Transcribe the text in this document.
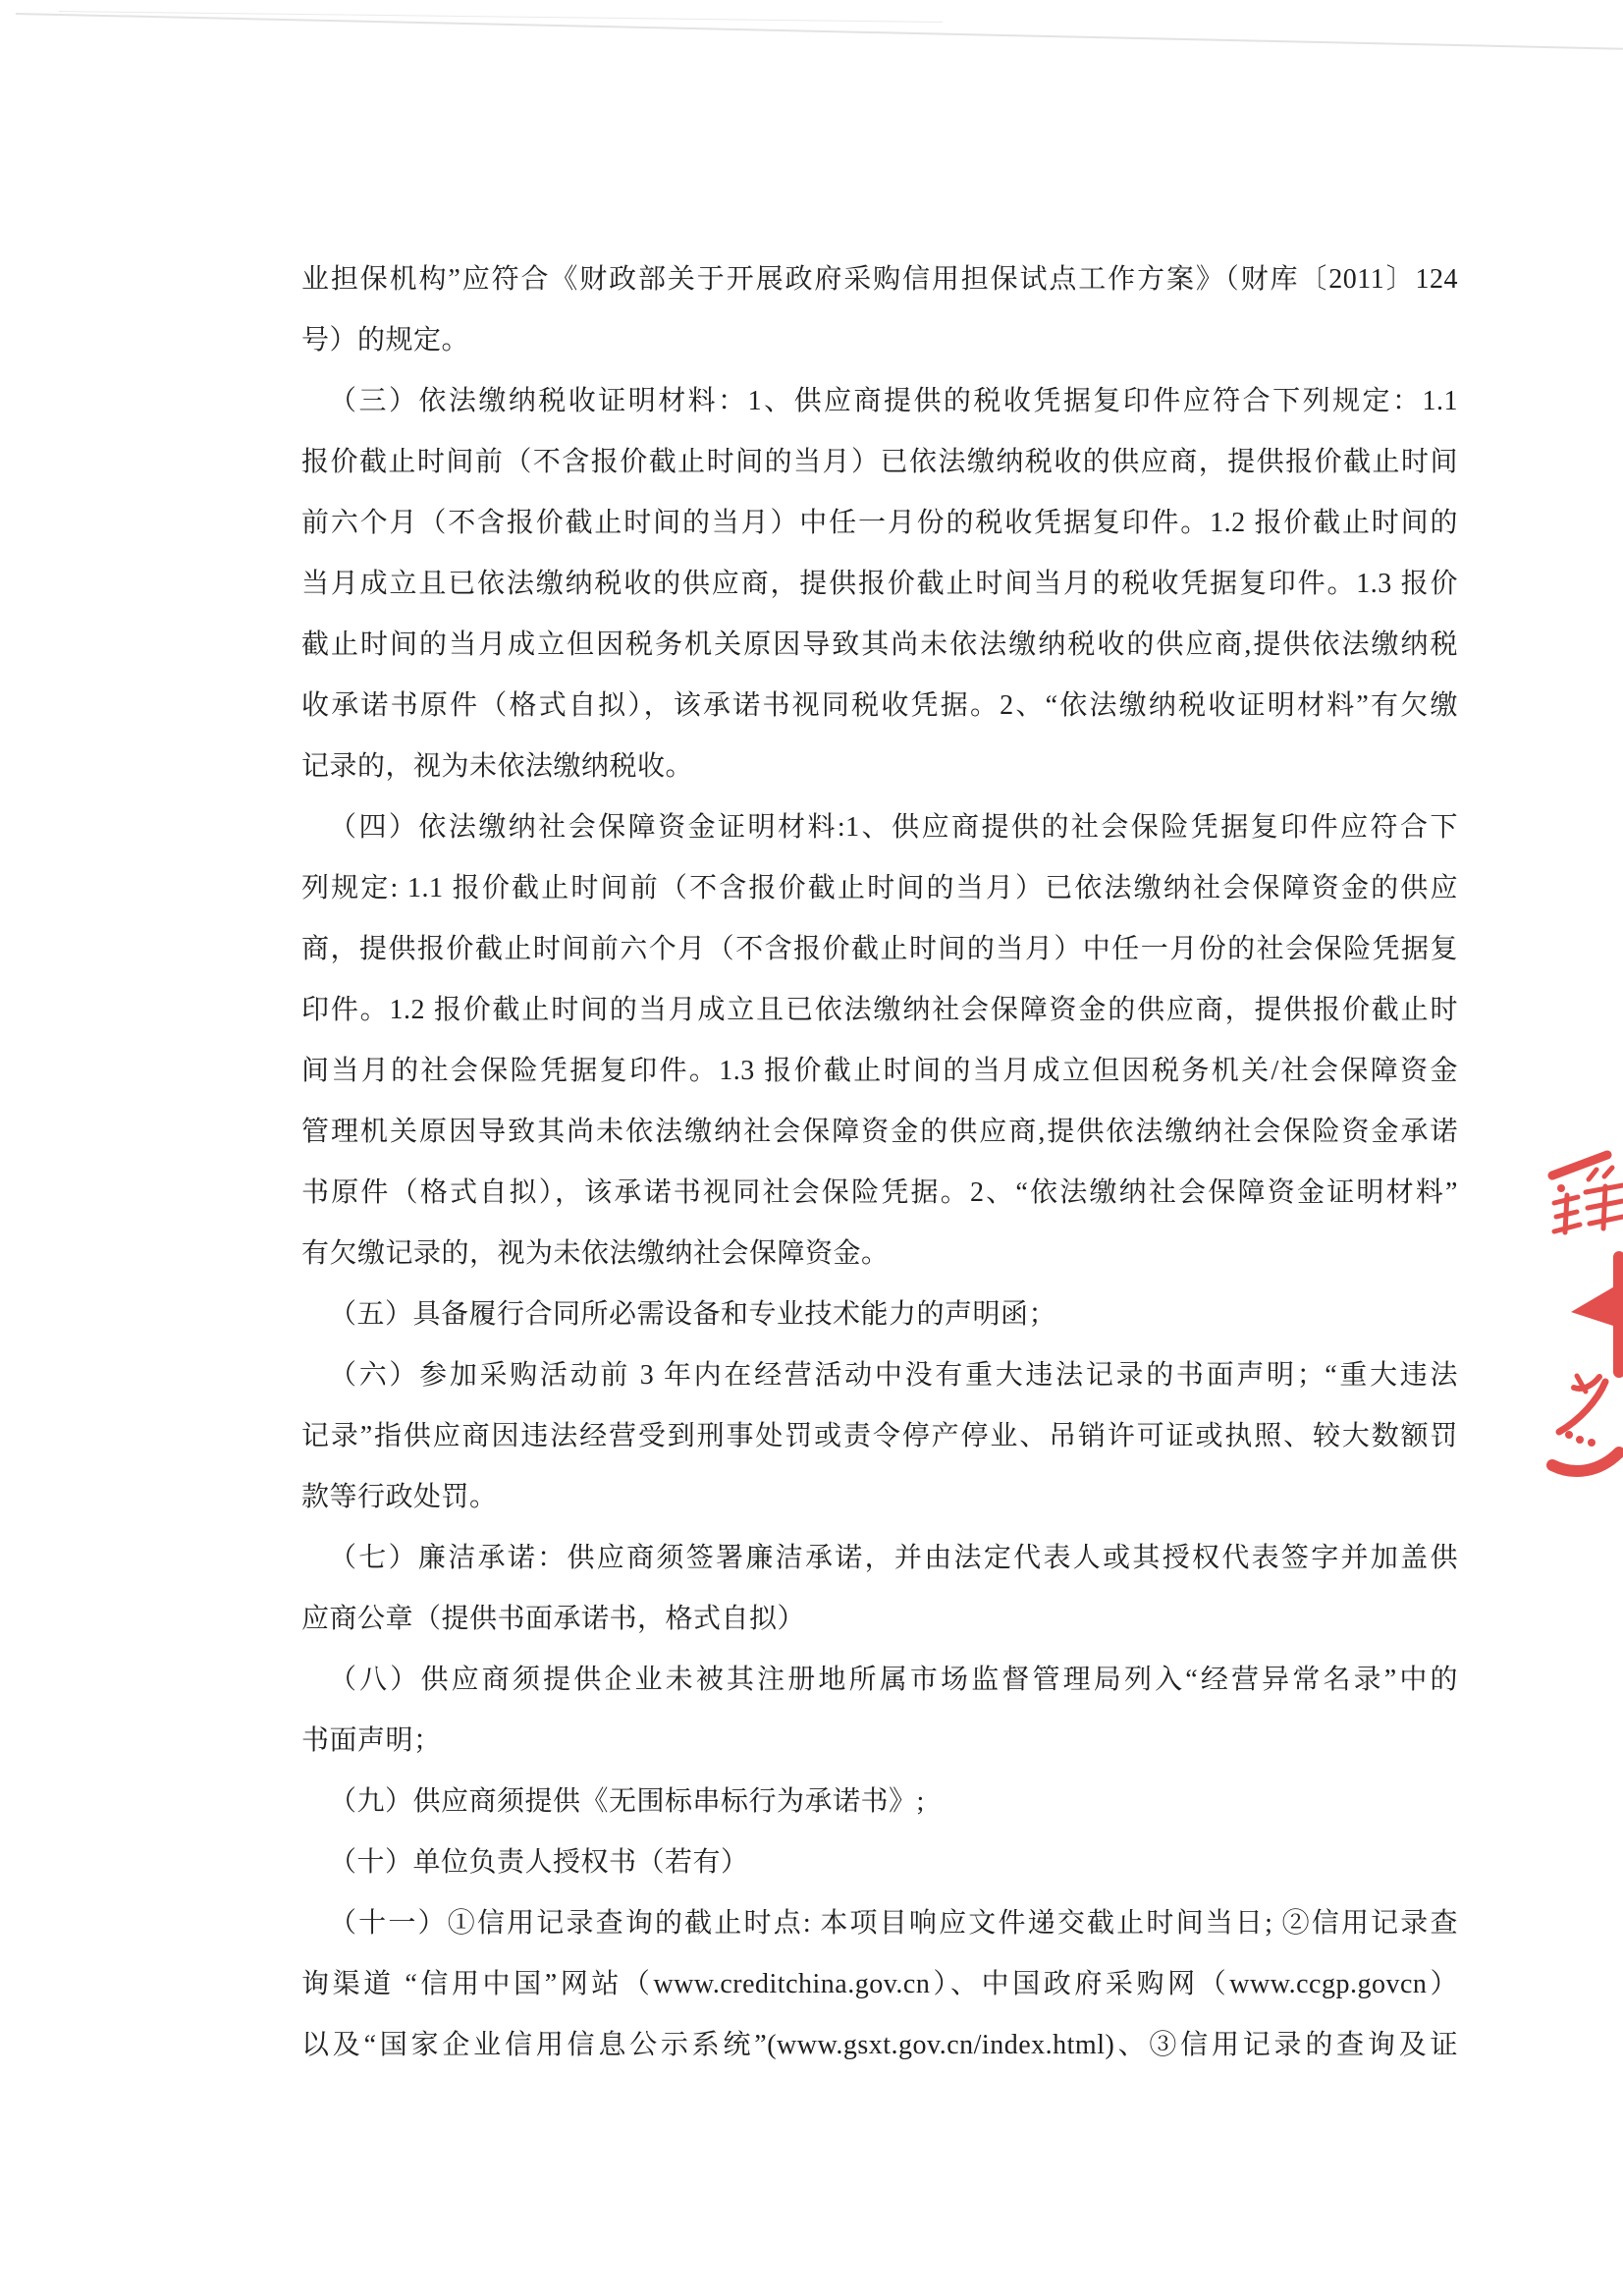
业担保机构”应符合《财政部关于开展政府采购信用担保试点工作方案》（财库〔2011〕124
号）的规定。
（三）依法缴纳税收证明材料：1、供应商提供的税收凭据复印件应符合下列规定：1.1
报价截止时间前（不含报价截止时间的当月）已依法缴纳税收的供应商，提供报价截止时间
前六个月（不含报价截止时间的当月）中任一月份的税收凭据复印件。1.2 报价截止时间的
当月成立且已依法缴纳税收的供应商，提供报价截止时间当月的税收凭据复印件。1.3 报价
截止时间的当月成立但因税务机关原因导致其尚未依法缴纳税收的供应商,提供依法缴纳税
收承诺书原件（格式自拟），该承诺书视同税收凭据。2、“依法缴纳税收证明材料”有欠缴
记录的，视为未依法缴纳税收。
（四）依法缴纳社会保障资金证明材料:1、供应商提供的社会保险凭据复印件应符合下
列规定: 1.1 报价截止时间前（不含报价截止时间的当月）已依法缴纳社会保障资金的供应
商，提供报价截止时间前六个月（不含报价截止时间的当月）中任一月份的社会保险凭据复
印件。1.2 报价截止时间的当月成立且已依法缴纳社会保障资金的供应商，提供报价截止时
间当月的社会保险凭据复印件。1.3 报价截止时间的当月成立但因税务机关/社会保障资金
管理机关原因导致其尚未依法缴纳社会保障资金的供应商,提供依法缴纳社会保险资金承诺
书原件（格式自拟），该承诺书视同社会保险凭据。2、“依法缴纳社会保障资金证明材料”
有欠缴记录的，视为未依法缴纳社会保障资金。
（五）具备履行合同所必需设备和专业技术能力的声明函；
（六）参加采购活动前 3 年内在经营活动中没有重大违法记录的书面声明；“重大违法
记录”指供应商因违法经营受到刑事处罚或责令停产停业、吊销许可证或执照、较大数额罚
款等行政处罚。
（七）廉洁承诺：供应商须签署廉洁承诺，并由法定代表人或其授权代表签字并加盖供
应商公章（提供书面承诺书，格式自拟）
（八）供应商须提供企业未被其注册地所属市场监督管理局列入“经营异常名录”中的
书面声明；
（九）供应商须提供《无围标串标行为承诺书》;
（十）单位负责人授权书（若有）
（十一）①信用记录查询的截止时点: 本项目响应文件递交截止时间当日; ②信用记录查
询渠道 “信用中国”网站（www.creditchina.gov.cn）、中国政府采购网（www.ccgp.govcn）
以及“国家企业信用信息公示系统”(www.gsxt.gov.cn/index.html)、③信用记录的查询及证
